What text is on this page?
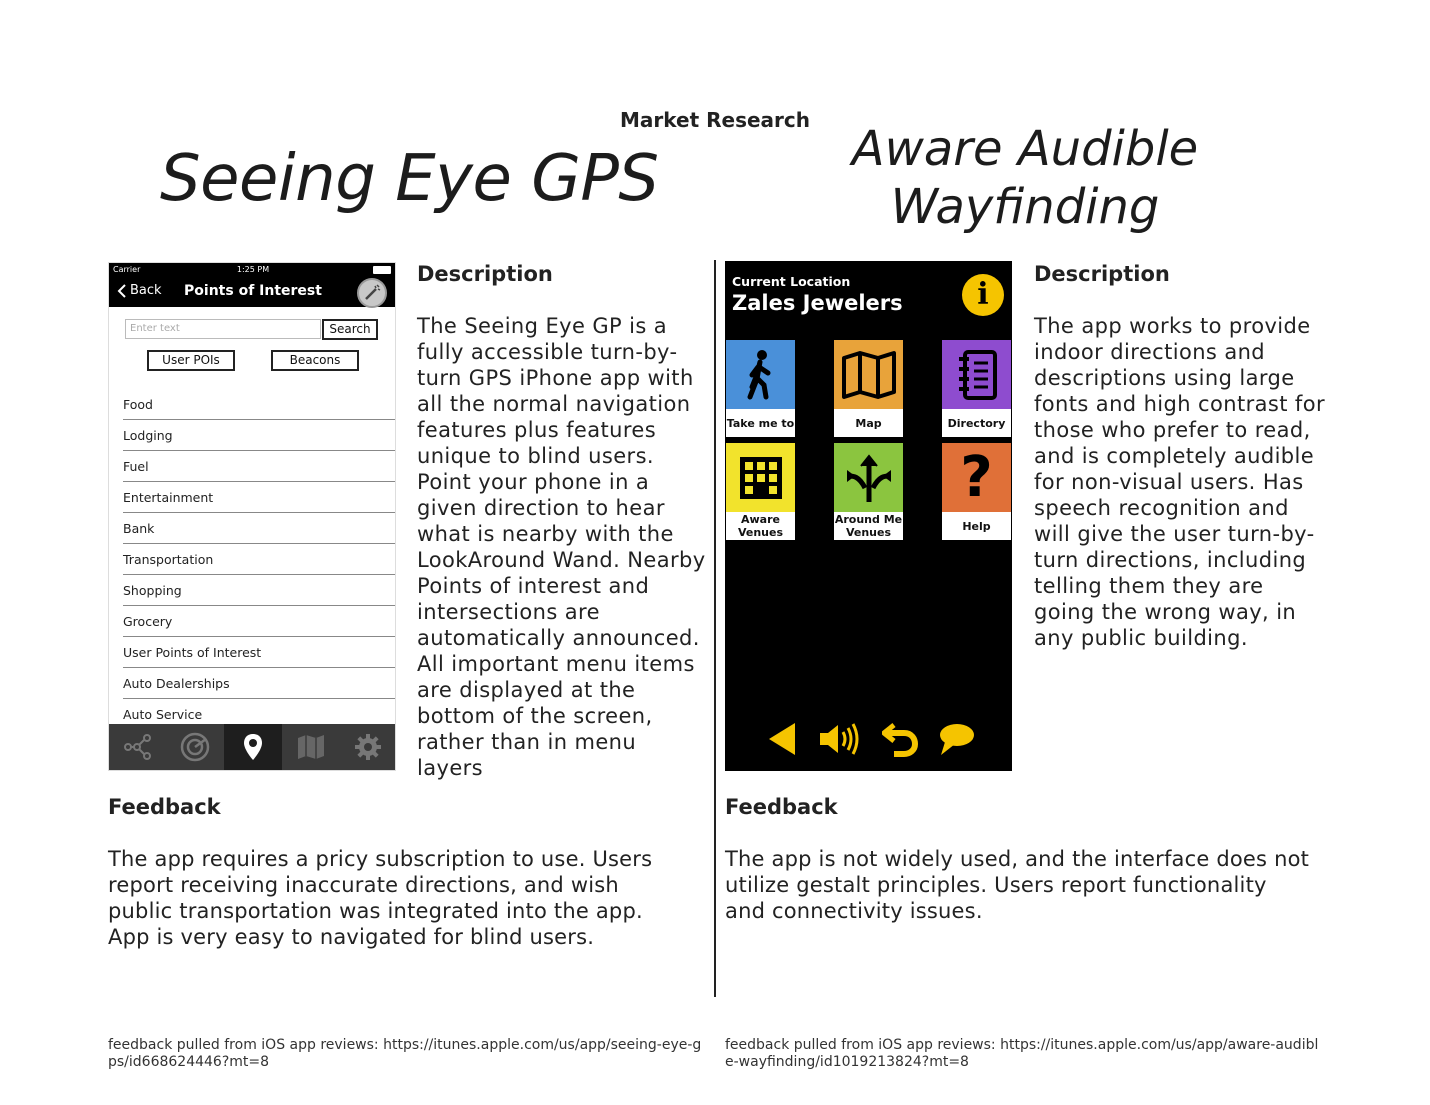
Market Research
Seeing Eye GPS	Aware Audible
Wayfinding
Carrier	1:25 PM
Back	Points of Interest
Enter text	Search
User POIs	Beacons
Food
Lodging
Fuel
Entertainment
Bank
Transportation
Shopping
Grocery
User Points of Interest
Auto Dealerships
Auto Service
Description
The Seeing Eye GP is a fully accessible turn-by-turn GPS iPhone app with all the normal navigation features plus features unique to blind users. Point your phone in a given direction to hear what is nearby with the LookAround Wand. Nearby Points of interest and intersections are automatically announced. All important menu items are displayed at the bottom of the screen, rather than in menu layers
Current Location
Zales Jewelers	i
Take me to	Map	Directory
Aware Venues
Around Me Venues
?
Help
Description
The app works to provide indoor directions and descriptions using large fonts and high contrast for those who prefer to read, and is completely audible for non-visual users. Has speech recognition and will give the user turn-by-turn directions, including telling them they are going the wrong way, in any public building.
Feedback
The app requires a pricy subscription to use. Users report receiving inaccurate directions, and wish public transportation was integrated into the app. App is very easy to navigated for blind users.
Feedback
The app is not widely used, and the interface does not utilize gestalt principles. Users report functionality and connectivity issues.
feedback pulled from iOS app reviews: https://itunes.apple.com/us/app/seeing-eye-gps/id668624446?mt=8
feedback pulled from iOS app reviews: https://itunes.apple.com/us/app/aware-audible-wayfinding/id1019213824?mt=8
